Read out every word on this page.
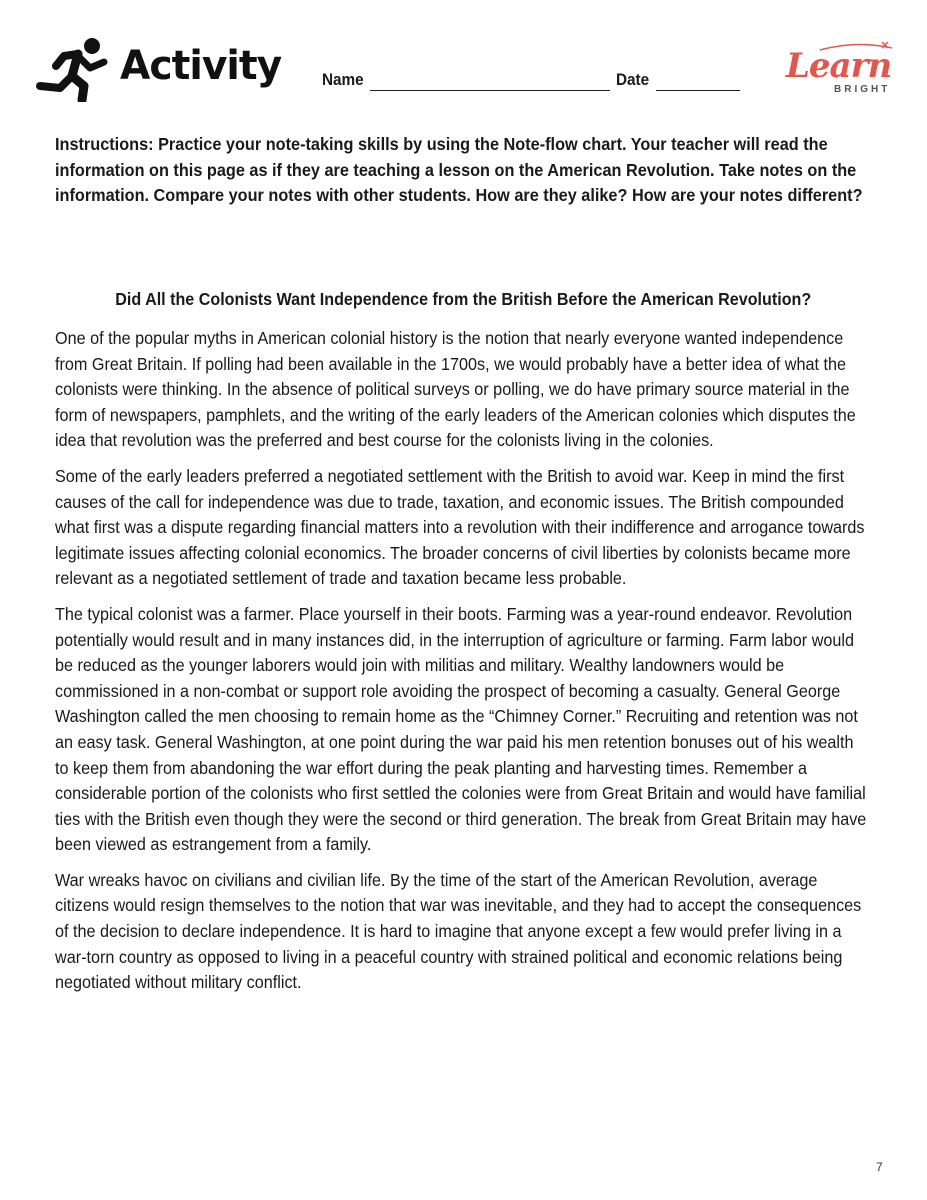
Activity Name	Date	Learn
BRIGHT
Instructions: Practice your note-taking skills by using the Note-flow chart. Your teacher will read the information on this page as if they are teaching a lesson on the American Revolution. Take notes on the information. Compare your notes with other students. How are they alike? How are your notes different?
Did All the Colonists Want Independence from the British Before the American Revolution?

One of the popular myths in American colonial history is the notion that nearly everyone wanted independence from Great Britain. If polling had been available in the 1700s, we would probably have a better idea of what the colonists were thinking. In the absence of political surveys or polling, we do have primary source material in the form of newspapers, pamphlets, and the writing of the early leaders of the American colonies which disputes the idea that revolution was the preferred and best course for the colonists living in the colonies.

Some of the early leaders preferred a negotiated settlement with the British to avoid war. Keep in mind the first causes of the call for independence was due to trade, taxation, and economic issues. The British compounded what first was a dispute regarding financial matters into a revolution with their indifference and arrogance towards legitimate issues affecting colonial economics. The broader concerns of civil liberties by colonists became more relevant as a negotiated settlement of trade and taxation became less probable.

The typical colonist was a farmer. Place yourself in their boots. Farming was a year-round endeavor. Revolution potentially would result and in many instances did, in the interruption of agriculture or farming. Farm labor would be reduced as the younger laborers would join with militias and military. Wealthy landowners would be commissioned in a non-combat or support role avoiding the prospect of becoming a casualty. General George Washington called the men choosing to remain home as the “Chimney Corner.” Recruiting and retention was not an easy task. General Washington, at one point during the war paid his men retention bonuses out of his wealth to keep them from abandoning the war effort during the peak planting and harvesting times. Remember a considerable portion of the colonists who first settled the colonies were from Great Britain and would have familial ties with the British even though they were the second or third generation. The break from Great Britain may have been viewed as estrangement from a family.

War wreaks havoc on civilians and civilian life. By the time of the start of the American Revolution, average citizens would resign themselves to the notion that war was inevitable, and they had to accept the consequences of the decision to declare independence. It is hard to imagine that anyone except a few would prefer living in a war-torn country as opposed to living in a peaceful country with strained political and economic relations being negotiated without military conflict.

7
